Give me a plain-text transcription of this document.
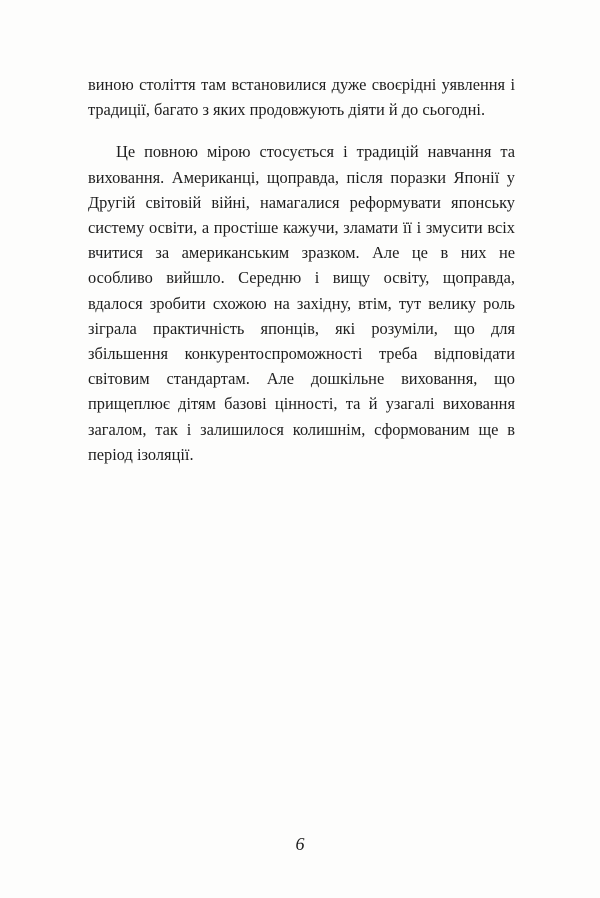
виною століття там встановилися дуже своєрідні уявлення і традиції, багато з яких продовжують діяти й до сьогодні.

Це повною мірою стосується і традицій навчання та виховання. Американці, щоправда, після поразки Японії у Другій світовій війні, намагалися реформувати японську систему освіти, а простіше кажучи, зламати її і змусити всіх вчитися за американським зразком. Але це в них не особливо вийшло. Середню і вищу освіту, щоправда, вдалося зробити схожою на західну, втім, тут велику роль зіграла практичність японців, які розуміли, що для збільшення конкурентоспроможності треба відповідати світовим стандартам. Але дошкільне виховання, що прищеплює дітям базові цінності, та й узагалі виховання загалом, так і залишилося колишнім, сформованим ще в період ізоляції.

6
